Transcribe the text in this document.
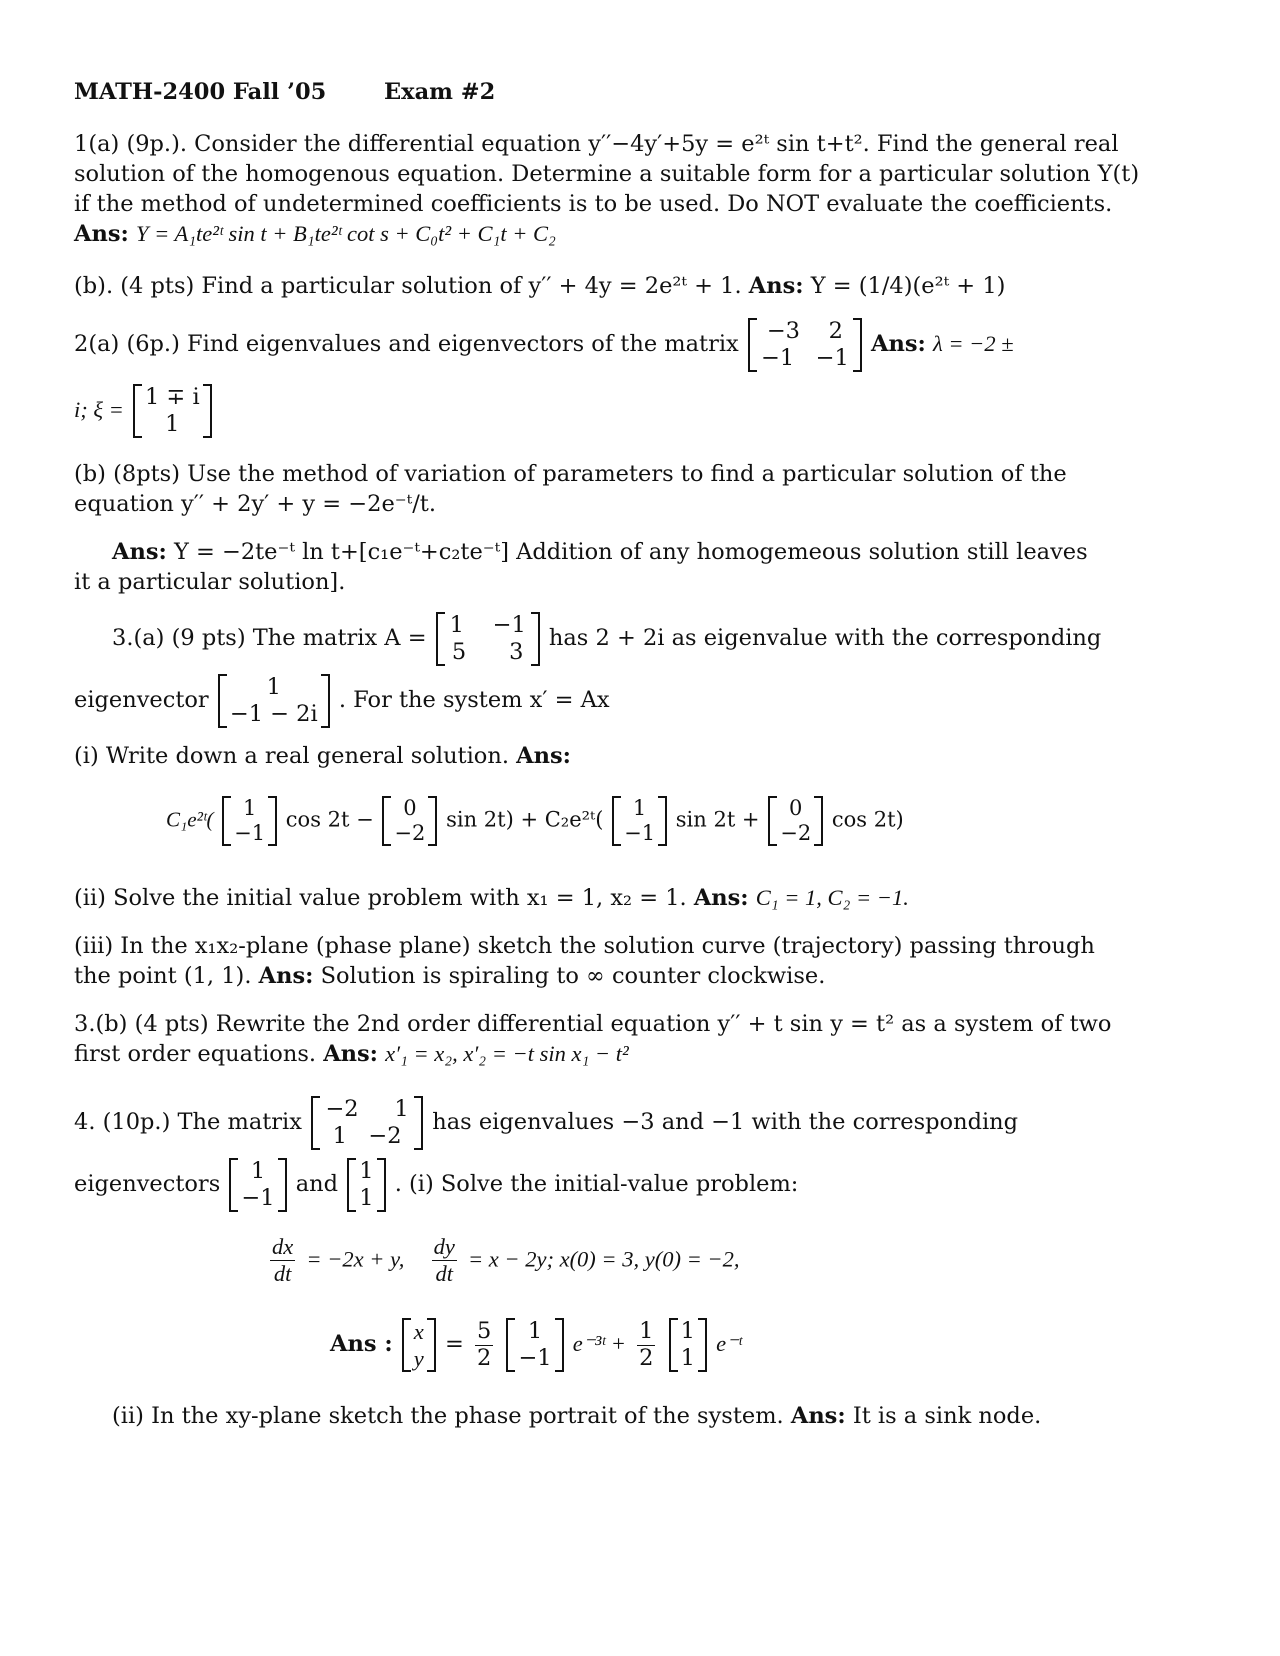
MATH-2400 Fall ’05	Exam #2
1(a) (9p.). Consider the differential equation y′′−4y′+5y = e²ᵗ sin t+t². Find the general real
solution of the homogenous equation. Determine a suitable form for a particular solution Y(t)
if the method of undetermined coefficients is to be used. Do NOT evaluate the coefficients.
Ans: Y = A₁te²ᵗ sin t + B₁te²ᵗ cot s + C₀t² + C₁t + C₂
(b). (4 pts) Find a particular solution of y′′ + 4y = 2e²ᵗ + 1. Ans: Y = (1/4)(e²ᵗ + 1)
2(a) (6p.) Find eigenvalues and eigenvectors of the matrix	−3 2
−1 −1
Ans: λ = −2 ±
i; ξ = 1 ∓ i
1
(b) (8pts) Use the method of variation of parameters to find a particular solution of the
equation y′′ + 2y′ + y = −2e⁻ᵗ/t.
Ans: Y = −2te⁻ᵗ ln t+[c₁e⁻ᵗ+c₂te⁻ᵗ] Addition of any homogemeous solution still leaves
it a particular solution].
3.(a) (9 pts) The matrix A = 1 −1
5 3
has 2 + 2i as eigenvalue with the corresponding
eigenvector	1
−1 − 2i
. For the system x′ = Ax
(i) Write down a real general solution. Ans:
C₁e²ᵗ(	1
−1
cos 2t −	0
−2
sin 2t) + C₂e²ᵗ(	1
−1
sin 2t +	0
−2
cos 2t)
(ii) Solve the initial value problem with x₁ = 1, x₂ = 1. Ans: C₁ = 1, C₂ = −1.
(iii) In the x₁x₂-plane (phase plane) sketch the solution curve (trajectory) passing through
the point (1, 1). Ans: Solution is spiraling to ∞ counter clockwise.
3.(b) (4 pts) Rewrite the 2nd order differential equation y′′ + t sin y = t² as a system of two
first order equations. Ans: x′₁ = x₂, x′₂ = −t sin x₁ − t²
4. (10p.) The matrix −2 1
1 −2
has eigenvalues −3 and −1 with the corresponding
eigenvectors	1
−1
and 1
1
. (i) Solve the initial-value problem:
$\frac{dx}{dt} = -2x + y$, $\frac{dy}{dt} = x - 2y$; x(0) = 3, y(0) = −2,
Ans : x
y
= $\frac{5}{2}$
	1
−1
e⁻³ᵗ + $\frac{1}{2}$
1
1
e⁻ᵗ
(ii) In the xy-plane sketch the phase portrait of the system. Ans: It is a sink node.
